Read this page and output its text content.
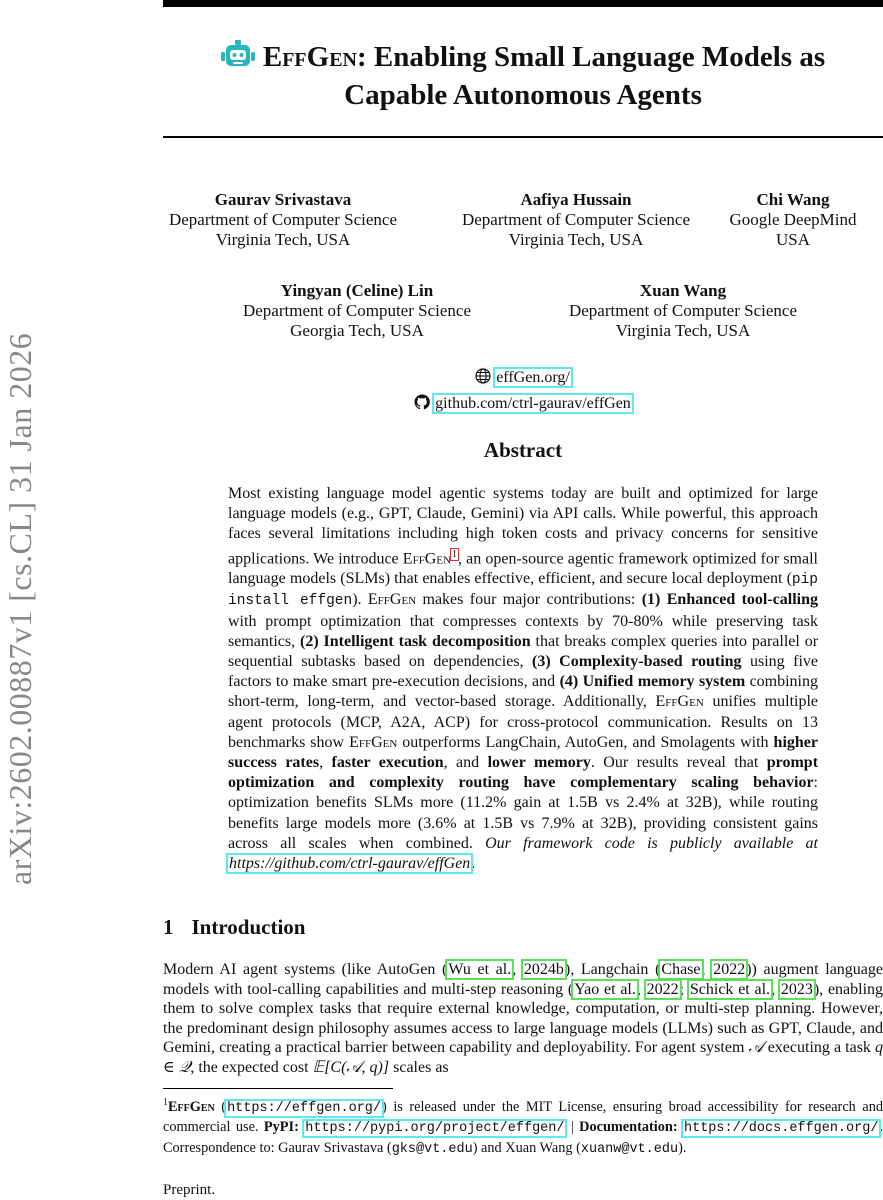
EffGen: Enabling Small Language Models as
Capable Autonomous Agents
Gaurav Srivastava
Department of Computer Science
Virginia Tech, USA
Aafiya Hussain
Department of Computer Science
Virginia Tech, USA
Chi Wang
Google DeepMind
USA
Yingyan (Celine) Lin
Department of Computer Science
Georgia Tech, USA
Xuan Wang
Department of Computer Science
Virginia Tech, USA
effGen.org/
github.com/ctrl-gaurav/effGen
Abstract
Most existing language model agentic systems today are built and optimized for large language models (e.g., GPT, Claude, Gemini) via API calls. While powerful, this approach faces several limitations including high token costs and privacy concerns for sensitive applications. We introduce EffGen$^1$, an open-source agentic framework optimized for small language models (SLMs) that enables effective, efficient, and secure local deployment (pip install effgen). EffGen makes four major contributions: (1) Enhanced tool-calling with prompt optimization that compresses contexts by 70-80% while preserving task semantics, (2) Intelligent task decomposition that breaks complex queries into parallel or sequential subtasks based on dependencies, (3) Complexity-based routing using five factors to make smart pre-execution decisions, and (4) Unified memory system combining short-term, long-term, and vector-based storage. Additionally, EffGen unifies multiple agent protocols (MCP, A2A, ACP) for cross-protocol communication. Results on 13 benchmarks show EffGen outperforms LangChain, AutoGen, and Smolagents with higher success rates, faster execution, and lower memory. Our results reveal that prompt optimization and complexity routing have complementary scaling behavior: optimization benefits SLMs more (11.2% gain at 1.5B vs 2.4% at 32B), while routing benefits large models more (3.6% at 1.5B vs 7.9% at 32B), providing consistent gains across all scales when combined. Our framework code is publicly available at https://github.com/ctrl-gaurav/effGen.
1 Introduction
Modern AI agent systems (like AutoGen (Wu et al., 2024b), Langchain (Chase, 2022)) augment language models with tool-calling capabilities and multi-step reasoning (Yao et al., 2022; Schick et al., 2023), enabling them to solve complex tasks that require external knowledge, computation, or multi-step planning. However, the predominant design philosophy assumes access to large language models (LLMs) such as GPT, Claude, and Gemini, creating a practical barrier between capability and deployability. For agent system 𝒜 executing a task q ∈ 𝒬, the expected cost 𝔼[C(𝒜, q)] scales as
$^1$EffGen (https://effgen.org/) is released under the MIT License, ensuring broad accessibility for research and commercial use. PyPI: https://pypi.org/project/effgen/ | Documentation: https://docs.effgen.org/. Correspondence to: Gaurav Srivastava (gks@vt.edu) and Xuan Wang (xuanw@vt.edu).
Preprint.
arXiv:2602.00887v1 [cs.CL] 31 Jan 2026
